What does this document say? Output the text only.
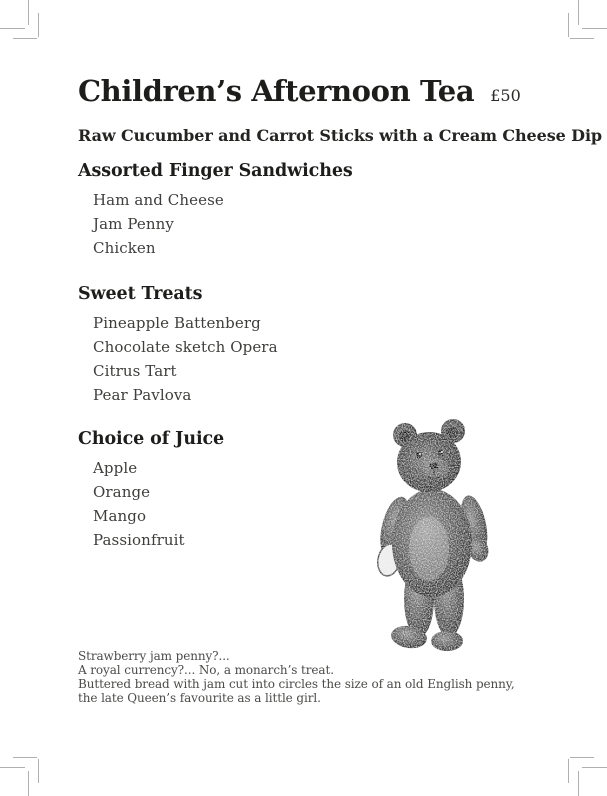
Children’s Afternoon Tea £50
Raw Cucumber and Carrot Sticks with a Cream Cheese Dip
Assorted Finger Sandwiches
Ham and Cheese
Jam Penny
Chicken
Sweet Treats
Pineapple Battenberg
Chocolate sketch Opera
Citrus Tart
Pear Pavlova
Choice of Juice
Apple
Orange
Mango
Passionfruit
Strawberry jam penny?...
A royal currency?... No, a monarch’s treat.
Buttered bread with jam cut into circles the size of an old English penny,
the late Queen’s favourite as a little girl.
